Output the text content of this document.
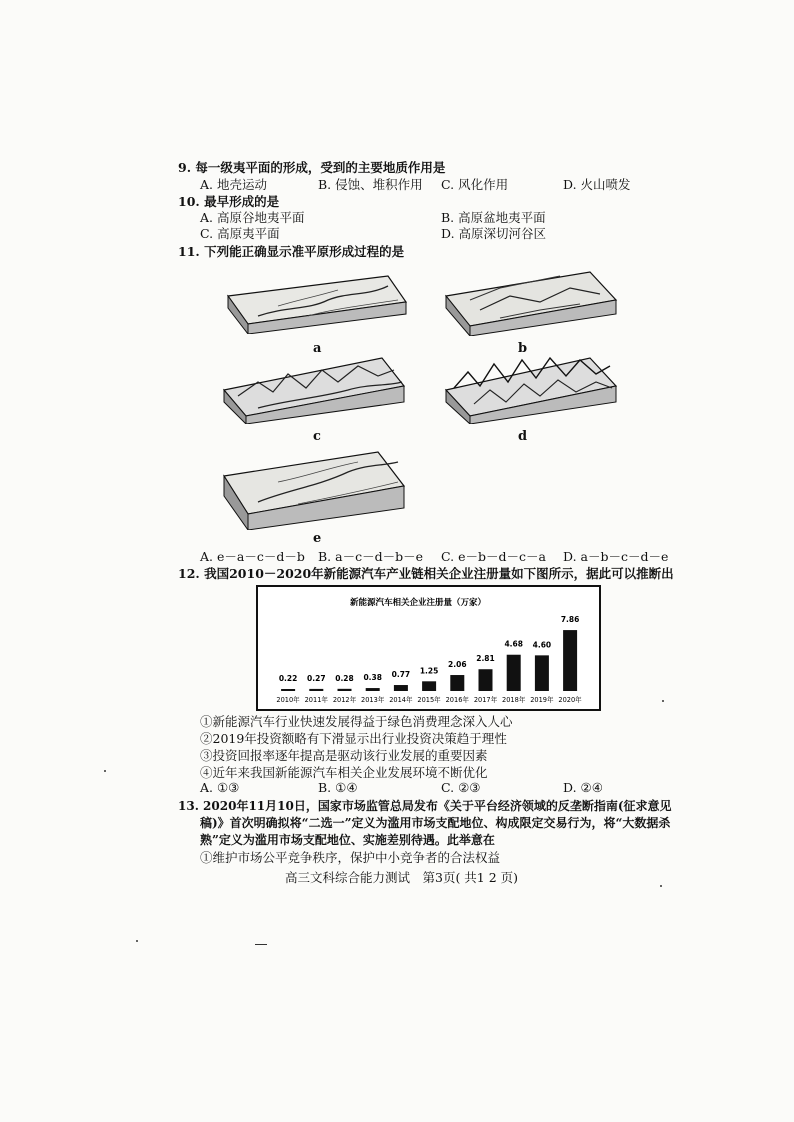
9. 每一级夷平面的形成，受到的主要地质作用是
A. 地壳运动	B. 侵蚀、堆积作用 C. 风化作用	D. 火山喷发
10. 最早形成的是
A. 高原谷地夷平面	B. 高原盆地夷平面
C. 高原夷平面	D. 高原深切河谷区
11. 下列能正确显示准平原形成过程的是
a	b
c	d
e
A. e－a－c－d－b B. a－c－d－b－e C. e－b－d－c－a D. a－b－c－d－e
12. 我国2010－2020年新能源汽车产业链相关企业注册量如下图所示，据此可以推断出
新能源汽车相关企业注册量（万家）
0.22
2010年
0.27
2011年
0.28
2012年
0.38
2013年
0.77
2014年
1.25
2015年
2.06
2016年
2.81
2017年
4.68
2018年
4.60
2019年
7.86
2020年
①新能源汽车行业快速发展得益于绿色消费理念深入人心
②2019年投资额略有下滑显示出行业投资决策趋于理性
③投资回报率逐年提高是驱动该行业发展的重要因素
④近年来我国新能源汽车相关企业发展环境不断优化
A. ①③	B. ①④	C. ②③	D. ②④
13. 2020年11月10日，国家市场监管总局发布《关于平台经济领域的反垄断指南(征求意见
稿)》首次明确拟将“二选一”定义为滥用市场支配地位、构成限定交易行为，将“大数据杀
熟”定义为滥用市场支配地位、实施差别待遇。此举意在
①维护市场公平竞争秩序，保护中小竞争者的合法权益
高三文科综合能力测试　第3页( 共1 2 页)
